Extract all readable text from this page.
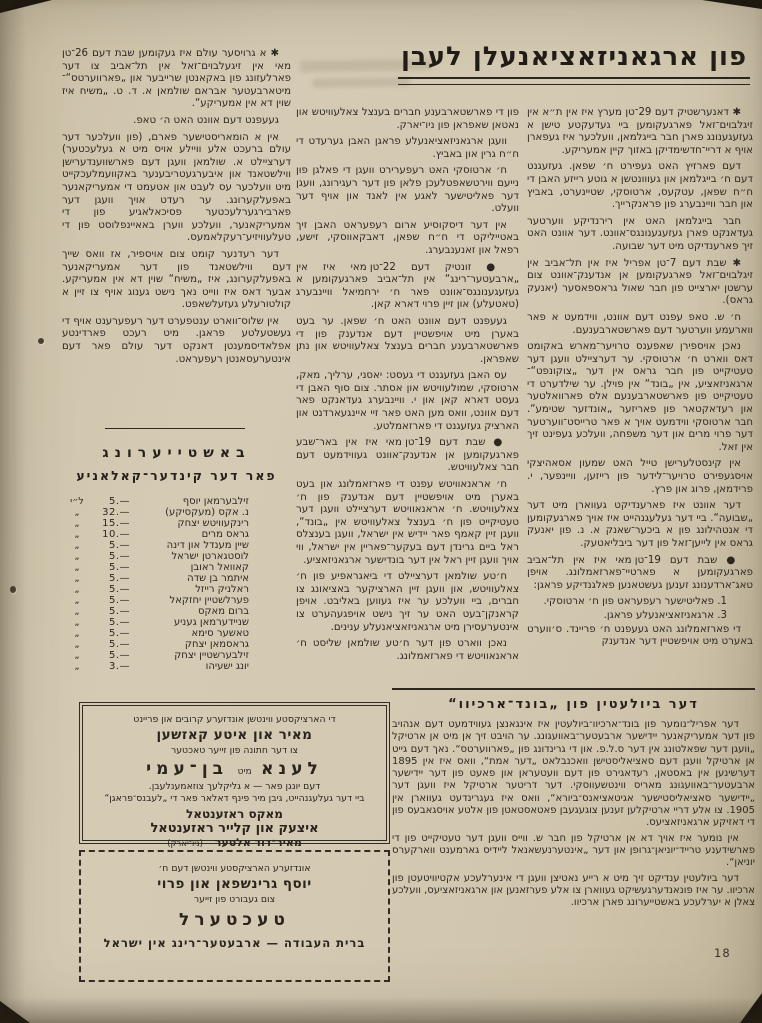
פון ארגאניזאציאנעלן לעבן

✱ דאנערשטיק דעם 29־טן מערץ איז אין ת״א אין זיגלבוים־זאל פארגעקומען ביי געדעקטע טישן א געזעגענונג פארן חבר בייגלמאן, וועלכער איז געפארן אויף א דריי־חדשימדיקן באזוך קיין אמעריקע.

דעם פארזיץ האט געפירט ח׳ שפאן. געזעגנט דעם ח׳ בייגלמאן און געווונטשן א גוטע רייזע האבן די ח״ח שפאן, עטקעס, ארטוסקי, שטיינערט, באביץ און חבר וויינבערג פון פראנקרייך.

חבר בייגלמאן האט אין רירנדיקע ווערטער געדאנקט פארן געזעגענונגס־אוונט. דער אוונט האט זיך פארענדיקט מיט דער שבועה.

✱ שבת דעם 7־טן אפריל איז אין תל־אביב אין זיגלבוים־זאל פארגעקומען אן אנדענק־אוונט צום ערשטן יארצייט פון חבר שאול גראספאסער (יאנעק גראס).

ח׳ ש. טאפ עפנט דעם אוונט, ווידמעט א פאר ווארעמע ווערטער דעם פארשטארבענעם.

נאכן אויספירן שאפענס טרויער־מארש באקומט דאס ווארט ח׳ ארטוסקי. ער דערציילט וועגן דער טעטיקייט פון חבר גראס אין דער „צוקונפט“־ארגאניזאציע, אין „בונד“ אין פוילן. ער שילדערט די טעטיקייט פון פארשטארבענעם אלס פארוואלטער און רעדאקטאר פון פאריזער „אונדזער שטימע“. חבר ארטוסקי ווידמעט אויך א פאר טרייסט־ווערטער דער פרוי מרים און דער משפחה, וועלכע געפינט זיך אין זאל.

אין קינסטלערישן טייל האט שמעון אסאהיצקי אויסגעפירט טרויער־לידער פון רייזען, וויינפער, י. פרידמאן, פרוג און פרץ.

דער אוונט איז פארענדיקט געווארן מיט דער „שבועה“. ביי דער געלעגנהייט איז אויך פארגעקומען די אנטהילונג פון א ביכער־שאנק א. נ. פון יאנעק גראס אין לייען־זאל פון דער ביבליאטעק.

● שבת דעם 19־טן מאי איז אין תל־אביב פארגעקומען א פארטיי־פארזאמלונג. אויפן טאג־ארדענונג זענען געשטאנען פאלגנדיקע פראגן:

1. פאליטישער רעפעראט פון ח׳ ארטוסקי.

3. ארגאניזאציאנעלע פראגן.

די פארזאמלונג האט געעפנט ח׳ פריינד. ס׳ווערט באערט מיט אויפשטיין דער אנדענק

פון די פארשטארבענע חברים בענצל צאלעוויטש און נאטאן שאפראן פון ניו־יארק.

וועגן ארגאניזאציאנעלע פראגן האבן גערעדט די ח״ח גרין און באביץ.

ח׳ ארטוסקי האט רעפערירט וועגן די פאלגן פון נייעם ווירטשאפטלעכן פלאן פון דער רעגירונג, וועגן דער פאליטישער לאגע אין לאנד און אויף דער וועלט.

אין דער דיסקוסיע ארום רעפעראט האבן זיך באטייליקט די ח״ח שפאן, דאבקאווסקי, זישע, רפאל און זאנענבערג.

● זונטיק דעם 22־טן מאי איז אין „ארבעטער־רינג“ אין תל־אביב פארגעקומען א געזעגענונגס־אוונט פאר ח׳ ירחמיאל וויינבערג (טאטעלע) און זיין פרוי דארא קאן.

געעפנט דעם אוונט האט ח׳ שפאן. ער בעט באערן מיט אויפשטיין דעם אנדענק פון די פארשטארבענע חברים בענצל צאלעוויטש און נתן שאפראן.

עס האבן געזעגנט די געסט: יאסני, ערליך, מאק, ארטוסקי, שמולעוויטש און אסתר. צום סוף האבן די געסט דארא קאן און י. וויינבערג געדאנקט פאר דעם אוונט, וואס מען האט פאר זיי איינגעארדנט און הארציק געזעגנט די פארזאמלטע.

● שבת דעם 19־טן מאי איז אין באר־שבע פארגעקומען אן אנדענק־אוונט געווידמעט דעם חבר צאלעוויטש.

ח׳ אראנאוויטש עפנט די פארזאמלונג און בעט באערן מיט אויפשטיין דעם אנדענק פון ח׳ צאלעוויטש. ח׳ אראנאוויטש דערציילט וועגן דער טעטיקייט פון ח׳ בענצל צאלעוויטש אין „בונד“, וועגן זיין קאמף פאר יידיש אין ישראל, וועגן בענצלס ראל ביים גרינדן דעם בעקער־פאריין אין ישראל, ווי אויך וועגן זיין ראל אין דער בונדישער ארגאניזאציע.

ח׳טע שולמאן דערציילט די ביאגראפיע פון ח׳ צאלעוויטש, און וועגן זיין הארציקער באציאונג צו חברים, ביי וועלכע ער איז געווען באליבט. אויפן קראנקן־בעט האט ער זיך נישט אויפגעהערט צו אינטערעסירן מיט ארגאניזאציאנעלע ענינים.

נאכן ווארט פון דער ח׳טע שולמאן שליסט ח׳ אראנאוויטש די פארזאמלונג.

✱ א גרויסער עולם איז געקומען שבת דעם 26־טן מאי אין זיגעלבוים־זאל אין תל־אביב צו דער פארלעזונג פון באקאנטן שרייבער און „פארווערטס“־מיטארבעטער אבראם שולמאן א. ד. ט. „משיח איז שוין דא אין אמעריקע“.

געעפנט דעם אוונט האט ה׳ טאפ.

אין א הומאריסטישער פארם, (פון וועלכער דער עולם ברעכט אלע וויילע אויס מיט א געלעכטער) דערציילט א. שולמאן וועגן דעם פארשווענדערישן ווילשטאנד און איבערגעטריבענער באקוועמלעכקייט מיט וועלכער עס לעבט און אטעמט די אמעריקאנער באפעלקערונג. ער רעדט אויך וועגן דער פארבירגערלעכטער פסיכאלאגיע פון די אמעריקאנער, וועלכע ווערן באאיינפלוסט פון די טעלעוויזיע־רעקלאמעס.

דער רעדנער קומט צום אויספיר, אז וואס שייך דעם ווילשטאנד פון דער אמעריקאנער באפעלקערונג, איז „משיח“ שוין דא אין אמעריקע. אבער דאס איז ווייט נאך נישט גענוג אויף צו זיין א קולטורעלע געזעלשאפט.

אין שלוס־ווארט ענטפערט דער רעפערענט אויף די געשטעלטע פראגן. מיט רעכט פארדינטע אפלאדיסמענטן דאנקט דער עולם פאר דעם אינטערעסאנטן רעפעראט.

באשטייערונג
פאר דער קינדער־קאלאניע
זילבערמאן יוסף
5.—
ל״י
נ. אקס (מעקסיקע)
32.—
„
רינקעוויטש יצחק
15.—
„
גראס מרים
10.—
„
שיין מענדל און דינה
5.—
„
לוסטגארטן ישראל
5.—
„
קאוואל ראובן
5.—
„
איתמר בן שדה
5.—
„
ראלניק רייזל
5.—
„
פערלשטיין יחזקאל
5.—
„
ברום מאקס
5.—
„
שניידערמאן געניע
5.—
„
טאשער סימא
5.—
„
גראסמאן יצחק
5.—
„
זילבערשטיין יצחק
5.—
„
יונג ישעיהו
3.—
„
די הארציקסטע ווינטשן אונדזערע קרובים און פריינט
מאיר און איטע קאזשען
צו דער חתונה פון זייער טאכטער
לענא מיט בן־עמי
דעם יונגן פאר — א גליקלעך צוזאמענלעבן.
ביי דער געלעגנהייט, גיבן מיר פינף דאלאר פאר די „לעבנס־פראגן“
מאקס ראזענטאל
איצעק און קלייר ראזענטאל
מאיר־דוד אלטער (ניו־יארק)
אונדזערע הארציקסטע ווינטשן דעם ח׳
יוסף גרינשפאן און פרוי
צום געבורט פון זייער
טעכטערל
ברית העבודה — ארבעטער־רינג אין ישראל
דער ביולעטין פון „בונד־ארכיוו“

דער אפריל־נומער פון בונד־ארכיוו־ביולעטין איז אינגאנצן געווידמעט דעם אנהויב פון דער אמעריקאנער יידישער ארבעטער־באוועגונג. ער הויבט זיך אן מיט אן ארטיקל „וועגן דער שפאלטונג אין דער ס.ל.פ. און די גרינדונג פון „פארווערטס“. נאך דעם גייט אן ארטיקל וועגן דעם סאציאליסטישן וואכנבלאט „דער אמת“, וואס איז אין 1895 דערשינען אין באסטאן, רעדאגירט פון דעם וועטעראן און פאעט פון דער יידישער ארבעטער־באוועגונג מאריס ווינטשעווסקי. דער דריטער ארטיקל איז וועגן דער „יידישער סאציאליסטישער אגיטאציאנס־ביורא“, וואס איז געגרינדעט געווארן אין 1905. צו אלע דריי ארטיקלען זענען צוגעגעבן פאטאסטאטן פון אלטע אויסגאבעס פון די דאזיקע ארגאניזאציעס.

אין נומער איז אויך דא אן ארטיקל פון חבר ש. ווייס וועגן דער טעטיקייט פון די פארשידענע טרייד־יוניאן־גרופן און דער „אינטערנעשאנאל ליידיס גארמענט ווארקערס יוניאן“.

דער ביולעטין ענדיקט זיך מיט א רייע נאטיצן וועגן די אינערלעכע אקטיוויטעטן פון ארכיוו. ער איז פונאנדערגעשיקט געווארן צו אלע פערזאנען און ארגאניזאציעס, וועלכע צאלן א יערלעכע באשטייערונג פארן ארכיוו.

18
